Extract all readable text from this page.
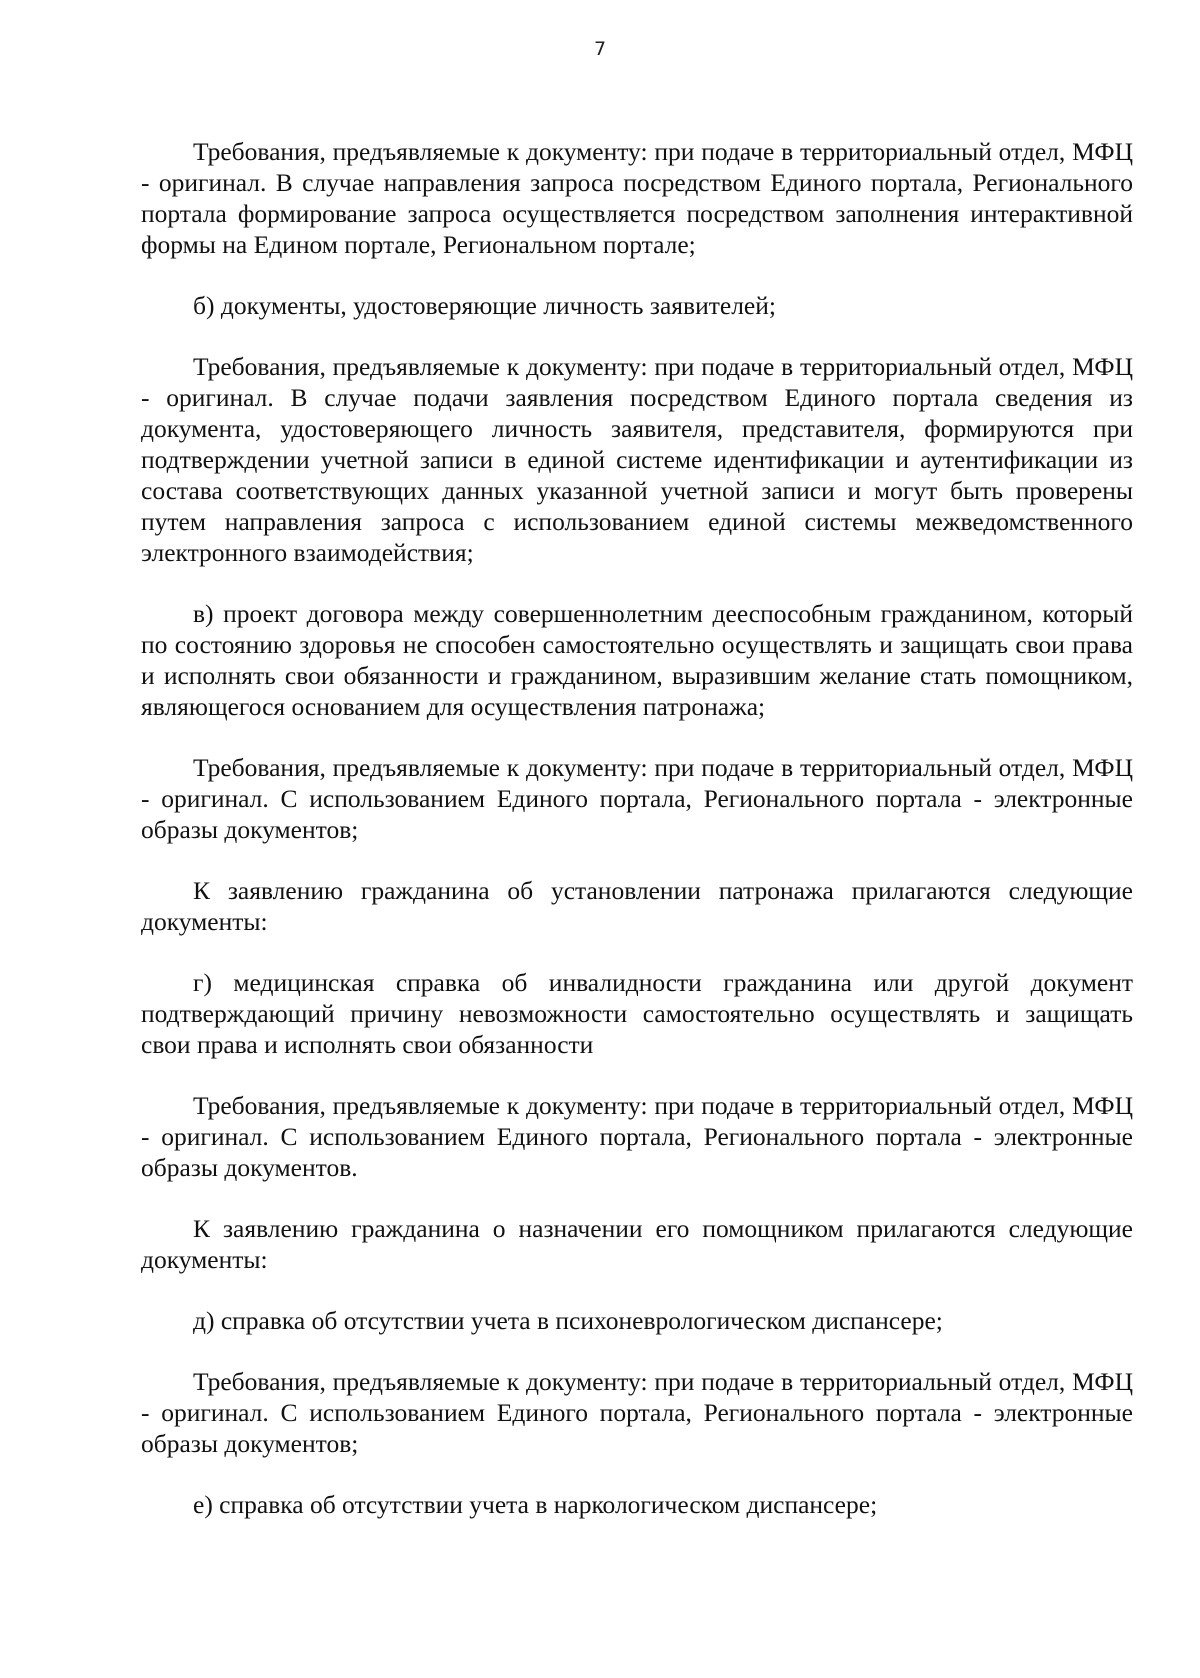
7

Требования, предъявляемые к документу: при подаче в территориальный отдел, МФЦ - оригинал. В случае направления запроса посредством Единого портала, Регионального портала формирование запроса осуществляется посредством заполнения интерактивной формы на Едином портале, Региональном портале;

б) документы, удостоверяющие личность заявителей;

Требования, предъявляемые к документу: при подаче в территориальный отдел, МФЦ - оригинал. В случае подачи заявления посредством Единого портала сведения из документа, удостоверяющего личность заявителя, представителя, формируются при подтверждении учетной записи в единой системе идентификации и аутентификации из состава соответствующих данных указанной учетной записи и могут быть проверены путем направления запроса с использованием единой системы межведомственного электронного взаимодействия;

в) проект договора между совершеннолетним дееспособным гражданином, который по состоянию здоровья не способен самостоятельно осуществлять и защищать свои права и исполнять свои обязанности и гражданином, выразившим желание стать помощником, являющегося основанием для осуществления патронажа;

Требования, предъявляемые к документу: при подаче в территориальный отдел, МФЦ - оригинал. С использованием Единого портала, Регионального портала - электронные образы документов;

К заявлению гражданина об установлении патронажа прилагаются следующие документы:

г) медицинская справка об инвалидности гражданина или другой документ подтверждающий причину невозможности самостоятельно осуществлять и защищать свои права и исполнять свои обязанности

Требования, предъявляемые к документу: при подаче в территориальный отдел, МФЦ - оригинал. С использованием Единого портала, Регионального портала - электронные образы документов.

К заявлению гражданина о назначении его помощником прилагаются следующие документы:

д) справка об отсутствии учета в психоневрологическом диспансере;

Требования, предъявляемые к документу: при подаче в территориальный отдел, МФЦ - оригинал. С использованием Единого портала, Регионального портала - электронные образы документов;

е) справка об отсутствии учета в наркологическом диспансере;
